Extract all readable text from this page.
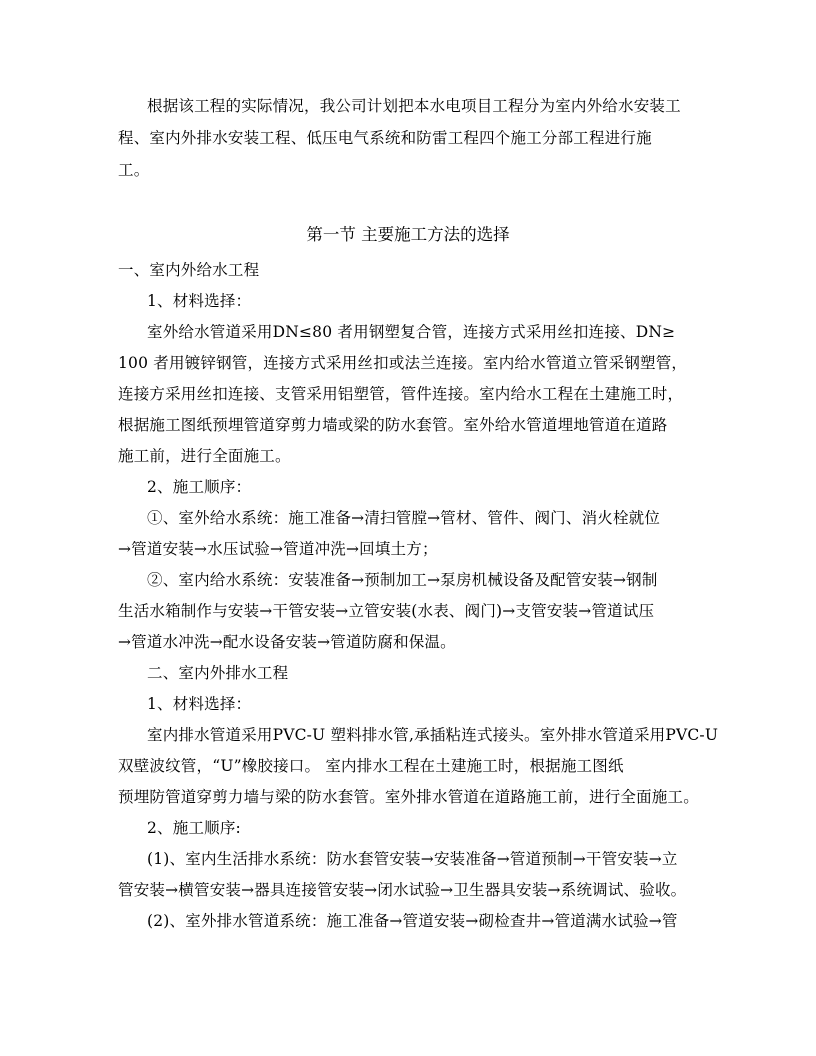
根据该工程的实际情况，我公司计划把本水电项目工程分为室内外给水安装工
程、室内外排水安装工程、低压电气系统和防雷工程四个施工分部工程进行施
工。
第一节 主要施工方法的选择
一、室内外给水工程
1、材料选择：
室外给水管道采用DN≤80 者用钢塑复合管，连接方式采用丝扣连接、DN≥
100 者用镀锌钢管，连接方式采用丝扣或法兰连接。室内给水管道立管采钢塑管，
连接方采用丝扣连接、支管采用铝塑管，管件连接。室内给水工程在土建施工时，
根据施工图纸预埋管道穿剪力墙或梁的防水套管。室外给水管道埋地管道在道路
施工前，进行全面施工。
2、施工顺序：
①、室外给水系统：施工准备→清扫管膛→管材、管件、阀门、消火栓就位
→管道安装→水压试验→管道冲洗→回填土方；
②、室内给水系统：安装准备→预制加工→泵房机械设备及配管安装→钢制
生活水箱制作与安装→干管安装→立管安装(水表、阀门)→支管安装→管道试压
→管道水冲洗→配水设备安装→管道防腐和保温。
二、室内外排水工程
1、材料选择：
室内排水管道采用PVC-U 塑料排水管,承插粘连式接头。室外排水管道采用PVC-U
双壁波纹管，“U”橡胶接口。 室内排水工程在土建施工时，根据施工图纸
预埋防管道穿剪力墙与梁的防水套管。室外排水管道在道路施工前，进行全面施工。
2、施工顺序:
(1)、室内生活排水系统：防水套管安装→安装准备→管道预制→干管安装→立
管安装→横管安装→器具连接管安装→闭水试验→卫生器具安装→系统调试、验收。
(2)、室外排水管道系统：施工准备→管道安装→砌检查井→管道满水试验→管
